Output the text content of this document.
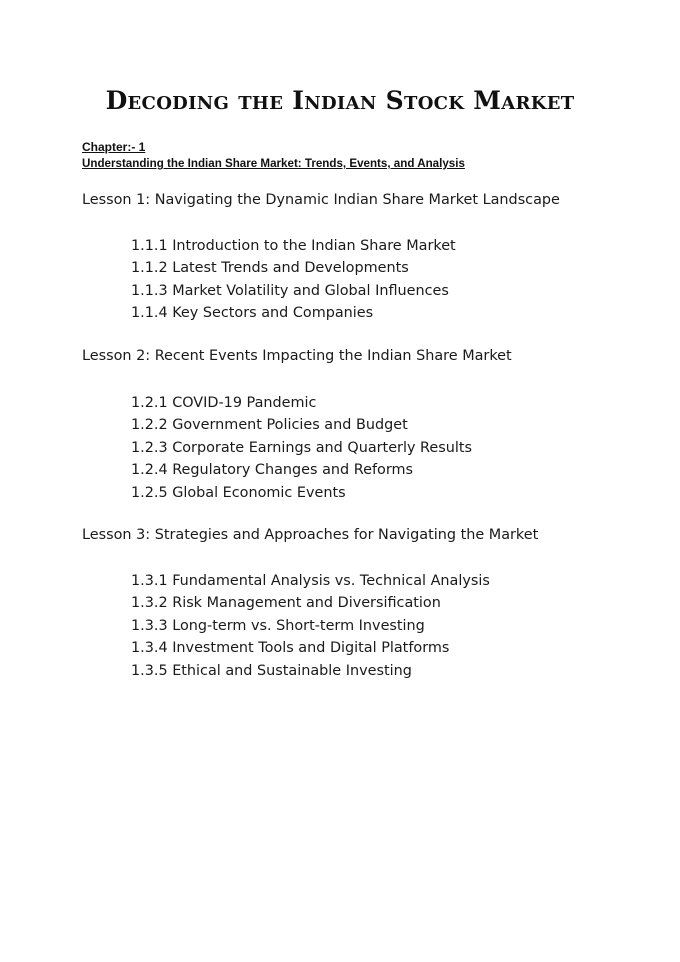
Decoding the Indian Stock Market
Chapter:- 1
Understanding the Indian Share Market: Trends, Events, and Analysis
Lesson 1: Navigating the Dynamic Indian Share Market Landscape
1.1.1 Introduction to the Indian Share Market
1.1.2 Latest Trends and Developments
1.1.3 Market Volatility and Global Influences
1.1.4 Key Sectors and Companies
Lesson 2: Recent Events Impacting the Indian Share Market
1.2.1 COVID-19 Pandemic
1.2.2 Government Policies and Budget
1.2.3 Corporate Earnings and Quarterly Results
1.2.4 Regulatory Changes and Reforms
1.2.5 Global Economic Events
Lesson 3: Strategies and Approaches for Navigating the Market
1.3.1 Fundamental Analysis vs. Technical Analysis
1.3.2 Risk Management and Diversification
1.3.3 Long-term vs. Short-term Investing
1.3.4 Investment Tools and Digital Platforms
1.3.5 Ethical and Sustainable Investing
